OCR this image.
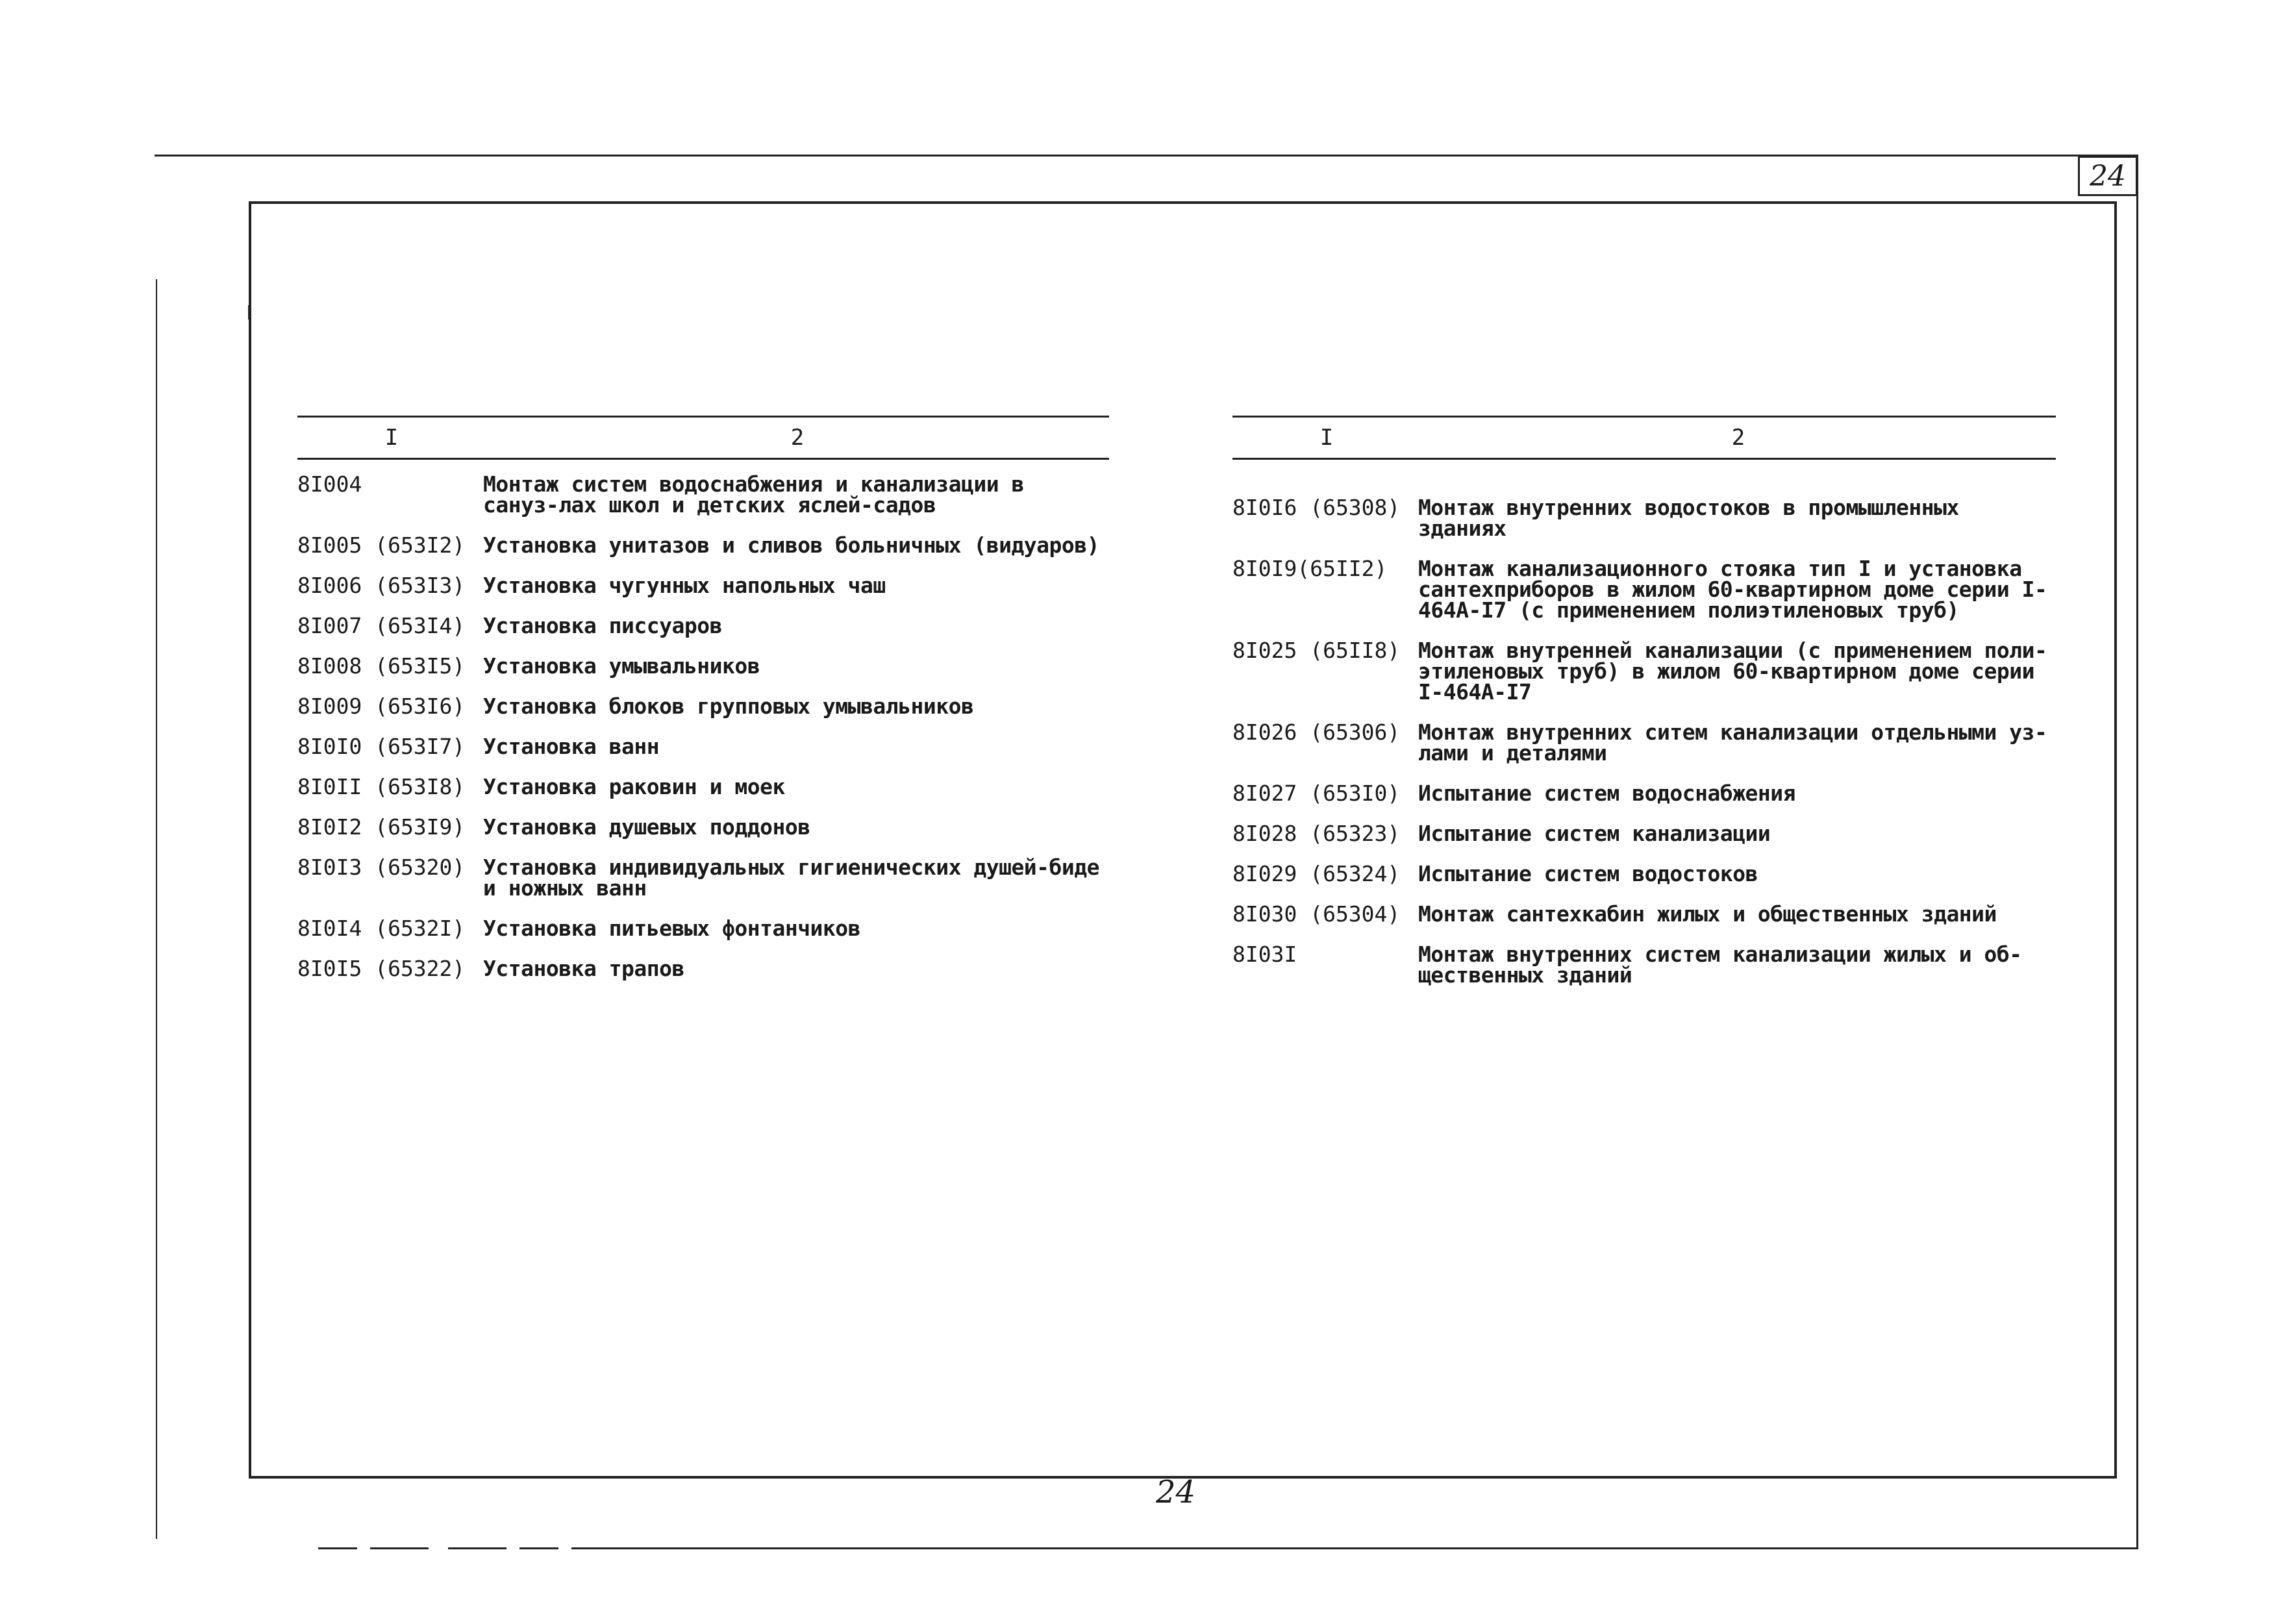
24
I	2
8I004	Монтаж систем водоснабжения и канализации в сануз-лах школ и детских яслей-садов
8I005 (653I2) Установка унитазов и сливов больничных (видуаров)
8I006 (653I3) Установка чугунных напольных чаш
8I007 (653I4) Установка писсуаров
8I008 (653I5) Установка умывальников
8I009 (653I6) Установка блоков групповых умывальников
8I0I0 (653I7) Установка ванн
8I0II (653I8) Установка раковин и моек
8I0I2 (653I9) Установка душевых поддонов
8I0I3 (65320) Установка индивидуальных гигиенических душей-биде и ножных ванн
8I0I4 (6532I) Установка питьевых фонтанчиков
8I0I5 (65322) Установка трапов
I	2
8I0I6 (65308) Монтаж внутренних водостоков в промышленных зданиях
8I0I9(65II2)	Монтаж канализационного стояка тип I и установка сантехприборов в жилом 60-квартирном доме серии I-464А-I7 (с применением полиэтиленовых труб)
8I025 (65II8) Монтаж внутренней канализации (с применением поли-этиленовых труб) в жилом 60-квартирном доме серии I-464А-I7
8I026 (65306) Монтаж внутренних ситем канализации отдельными уз-лами и деталями
8I027 (653I0) Испытание систем водоснабжения
8I028 (65323) Испытание систем канализации
8I029 (65324) Испытание систем водостоков
8I030 (65304) Монтаж сантехкабин жилых и общественных зданий
8I03I	Монтаж внутренних систем канализации жилых и об-щественных зданий
24
